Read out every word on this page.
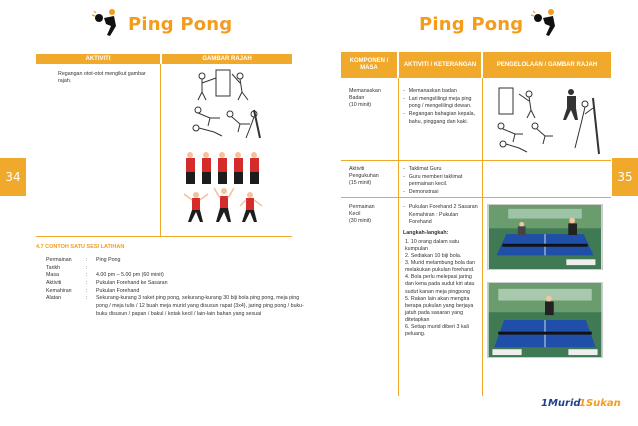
Ping Pong
34
AKTIVITI	GAMBAR RAJAH
Regangan otot-otot mengikut gambar rajah.
4.7 CONTOH SATU SESI LATIHAN
Permainan	:	Ping Pong
Tarikh	:
Masa	:	4.00 pm – 5.00 pm (60 minit)
Aktiviti	:	Pukulan Forehand ke Sasaran
Kemahiran	:	Pukulan Forehand
Alatan	:	Sekurang-kurang 3 raket ping pong, sekurang-kurang 30 biji bola ping pong, meja ping pong / meja tulis / 12 buah meja murid yang disusun rapat (3x4), jaring ping pong / buku-buku disusun / papan / bakul / kotak kecil / lain-lain bahan yang sesuai
Ping Pong
35
KOMPONEN / MASA
AKTIVITI / KETERANGAN	PENGELOLAAN / GAMBAR RAJAH
Memanaskan
Badan
(10 minit)
- Memanaskan badan
- Lari mengelilingi meja ping pong / mengelilingi dewan.
- Regangan bahagian kepala, bahu, pinggang dan kaki.
Aktiviti
Pengukuhan
(15 minit)
- Taklimat Guru
- Guru memberi taklimat permainan kecil.
- Demonstrasi
Permainan
Kecil
(30 minit)
- Pukulan Forehand 2 Sasaran
Kemahiran : Pukulan Forehand
Langkah-langkah:
1. 10 orang dalam satu kumpulan
2. Sediakan 10 biji bola.
3. Murid melambung bola dan melakukan pukulan forehand.
4. Bola perlu melepasi jaring dan kena pada sudut kiri atau sudut kanan meja pingpong
5. Rakan lain akan mengira berapa pukulan yang berjaya jatuh pada sasaran yang ditetapkan
6. Setiap murid diberi 3 kali peluang.
1Murid
1Sukan
